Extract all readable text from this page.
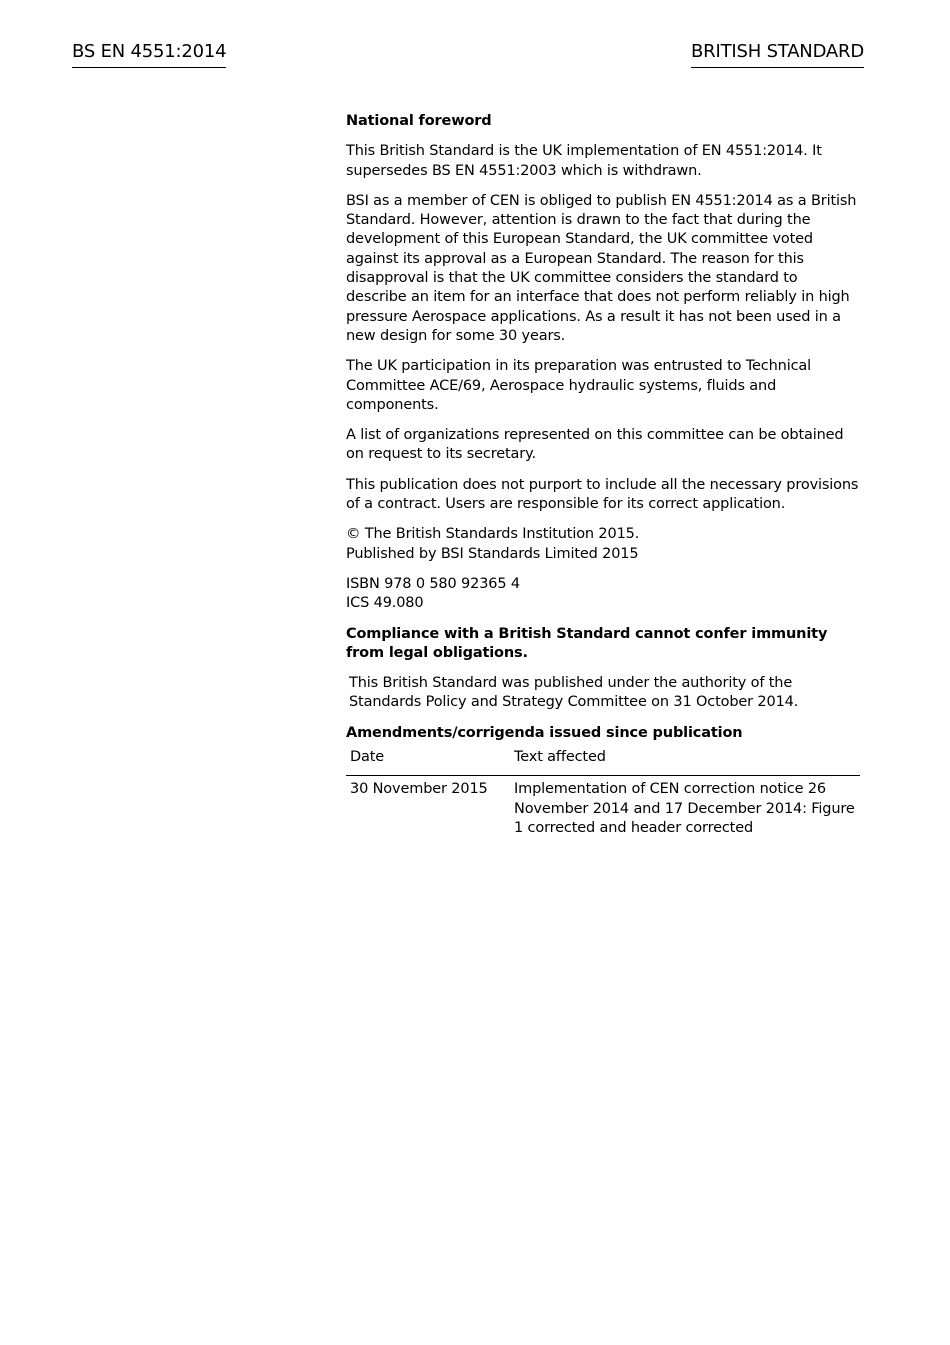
BS EN 4551:2014	BRITISH STANDARD
National foreword

This British Standard is the UK implementation of EN 4551:2014. It supersedes BS EN 4551:2003 which is withdrawn.

BSI as a member of CEN is obliged to publish EN 4551:2014 as a British Standard. However, attention is drawn to the fact that during the development of this European Standard, the UK committee voted against its approval as a European Standard. The reason for this disapproval is that the UK committee considers the standard to describe an item for an interface that does not perform reliably in high pressure Aerospace applications. As a result it has not been used in a new design for some 30 years.

The UK participation in its preparation was entrusted to Technical Committee ACE/69, Aerospace hydraulic systems, fluids and components.

A list of organizations represented on this committee can be obtained on request to its secretary.

This publication does not purport to include all the necessary provisions of a contract. Users are responsible for its correct application.

© The British Standards Institution 2015.
Published by BSI Standards Limited 2015

ISBN 978 0 580 92365 4
ICS 49.080

Compliance with a British Standard cannot confer immunity from legal obligations.

This British Standard was published under the authority of the Standards Policy and Strategy Committee on 31 October 2014.

Amendments/corrigenda issued since publication
Date	Text affected
30 November 2015	Implementation of CEN correction notice 26 November 2014 and 17 December 2014: Figure 1 corrected and header corrected
